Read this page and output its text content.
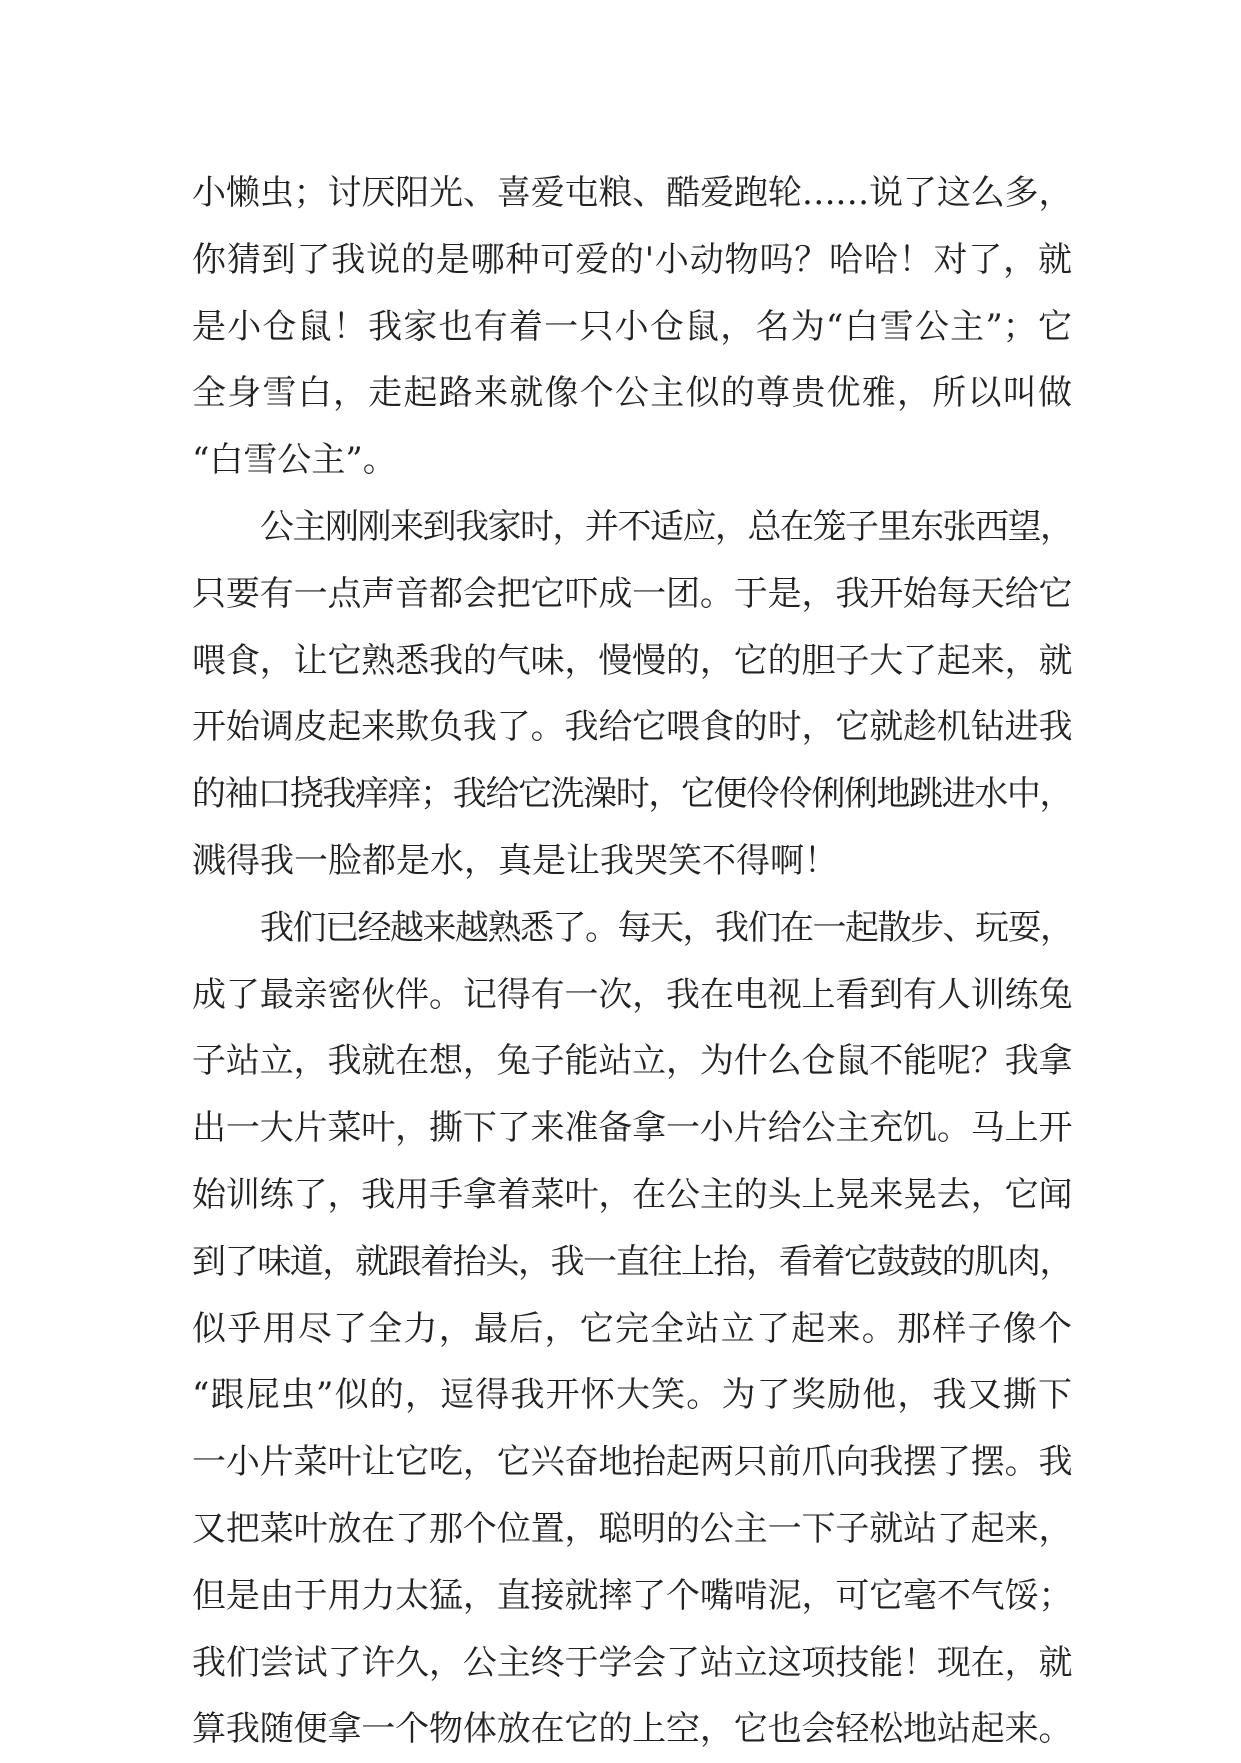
小懒虫；讨厌阳光、喜爱屯粮、酷爱跑轮……说了这么多，
你猜到了我说的是哪种可爱的'小动物吗？哈哈！对了，就
是小仓鼠！我家也有着一只小仓鼠，名为“白雪公主”；它
全身雪白，走起路来就像个公主似的尊贵优雅，所以叫做
“白雪公主”。
公主刚刚来到我家时，并不适应，总在笼子里东张西望，
只要有一点声音都会把它吓成一团。于是，我开始每天给它
喂食，让它熟悉我的气味，慢慢的，它的胆子大了起来，就
开始调皮起来欺负我了。我给它喂食的时，它就趁机钻进我
的袖口挠我痒痒；我给它洗澡时，它便伶伶俐俐地跳进水中，
溅得我一脸都是水，真是让我哭笑不得啊！
我们已经越来越熟悉了。每天，我们在一起散步、玩耍，
成了最亲密伙伴。记得有一次，我在电视上看到有人训练兔
子站立，我就在想，兔子能站立，为什么仓鼠不能呢？我拿
出一大片菜叶，撕下了来准备拿一小片给公主充饥。马上开
始训练了，我用手拿着菜叶，在公主的头上晃来晃去，它闻
到了味道，就跟着抬头，我一直往上抬，看着它鼓鼓的肌肉，
似乎用尽了全力，最后，它完全站立了起来。那样子像个
“跟屁虫”似的，逗得我开怀大笑。为了奖励他，我又撕下
一小片菜叶让它吃，它兴奋地抬起两只前爪向我摆了摆。我
又把菜叶放在了那个位置，聪明的公主一下子就站了起来，
但是由于用力太猛，直接就摔了个嘴啃泥，可它毫不气馁；
我们尝试了许久，公主终于学会了站立这项技能！现在，就
算我随便拿一个物体放在它的上空，它也会轻松地站起来。
